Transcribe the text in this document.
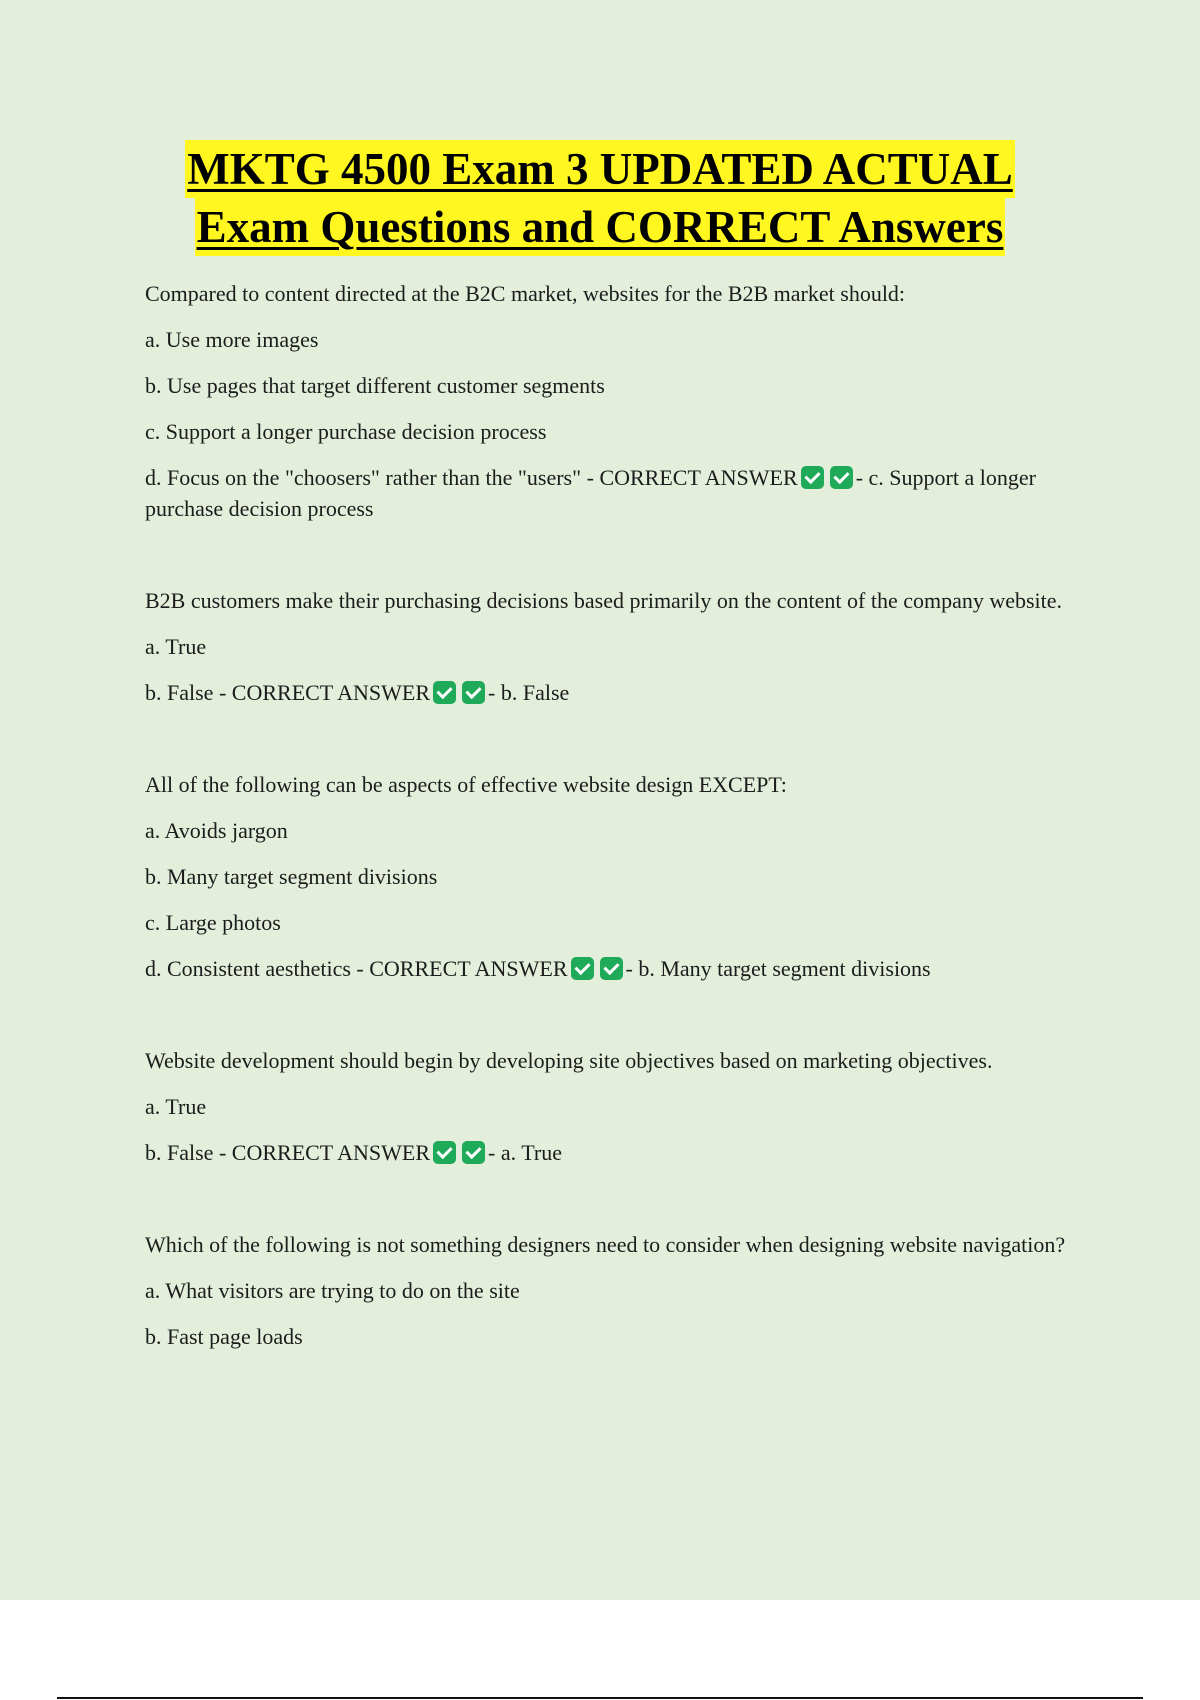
MKTG 4500 Exam 3 UPDATED ACTUAL
Exam Questions and CORRECT Answers
Compared to content directed at the B2C market, websites for the B2B market should:
a. Use more images
b. Use pages that target different customer segments
c. Support a longer purchase decision process
d. Focus on the "choosers" rather than the "users" - CORRECT ANSWER	- c. Support a longer purchase decision process
B2B customers make their purchasing decisions based primarily on the content of the company website.
a. True
b. False - CORRECT ANSWER	- b. False
All of the following can be aspects of effective website design EXCEPT:
a. Avoids jargon
b. Many target segment divisions
c. Large photos
d. Consistent aesthetics - CORRECT ANSWER	- b. Many target segment divisions
Website development should begin by developing site objectives based on marketing objectives.
a. True
b. False - CORRECT ANSWER	- a. True
Which of the following is not something designers need to consider when designing website navigation?
a. What visitors are trying to do on the site
b. Fast page loads
